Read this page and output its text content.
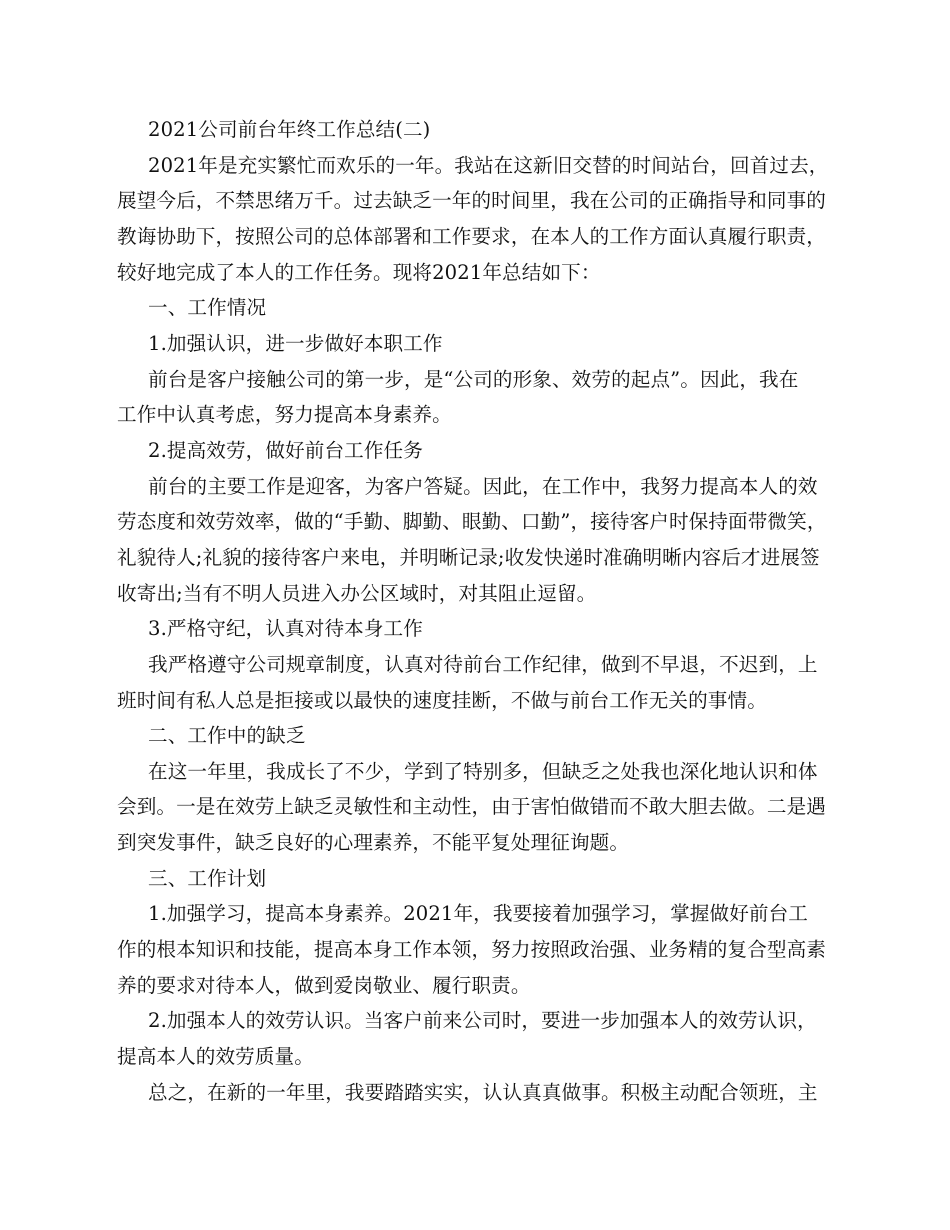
2021公司前台年终工作总结(二)
2021年是充实繁忙而欢乐的一年。我站在这新旧交替的时间站台，回首过去，
展望今后，不禁思绪万千。过去缺乏一年的时间里，我在公司的正确指导和同事的
教诲协助下，按照公司的总体部署和工作要求，在本人的工作方面认真履行职责，
较好地完成了本人的工作任务。现将2021年总结如下：
一、工作情况
1.加强认识，进一步做好本职工作
前台是客户接触公司的第一步，是“公司的形象、效劳的起点”。因此，我在
工作中认真考虑，努力提高本身素养。
2.提高效劳，做好前台工作任务
前台的主要工作是迎客，为客户答疑。因此，在工作中，我努力提高本人的效
劳态度和效劳效率，做的“手勤、脚勤、眼勤、口勤”，接待客户时保持面带微笑，
礼貌待人;礼貌的接待客户来电，并明晰记录;收发快递时准确明晰内容后才进展签
收寄出;当有不明人员进入办公区域时，对其阻止逗留。
3.严格守纪，认真对待本身工作
我严格遵守公司规章制度，认真对待前台工作纪律，做到不早退，不迟到，上
班时间有私人总是拒接或以最快的速度挂断，不做与前台工作无关的事情。
二、工作中的缺乏
在这一年里，我成长了不少，学到了特别多，但缺乏之处我也深化地认识和体
会到。一是在效劳上缺乏灵敏性和主动性，由于害怕做错而不敢大胆去做。二是遇
到突发事件，缺乏良好的心理素养，不能平复处理征询题。
三、工作计划
1.加强学习，提高本身素养。2021年，我要接着加强学习，掌握做好前台工
作的根本知识和技能，提高本身工作本领，努力按照政治强、业务精的复合型高素
养的要求对待本人，做到爱岗敬业、履行职责。
2.加强本人的效劳认识。当客户前来公司时，要进一步加强本人的效劳认识，
提高本人的效劳质量。
总之，在新的一年里，我要踏踏实实，认认真真做事。积极主动配合领班，主
